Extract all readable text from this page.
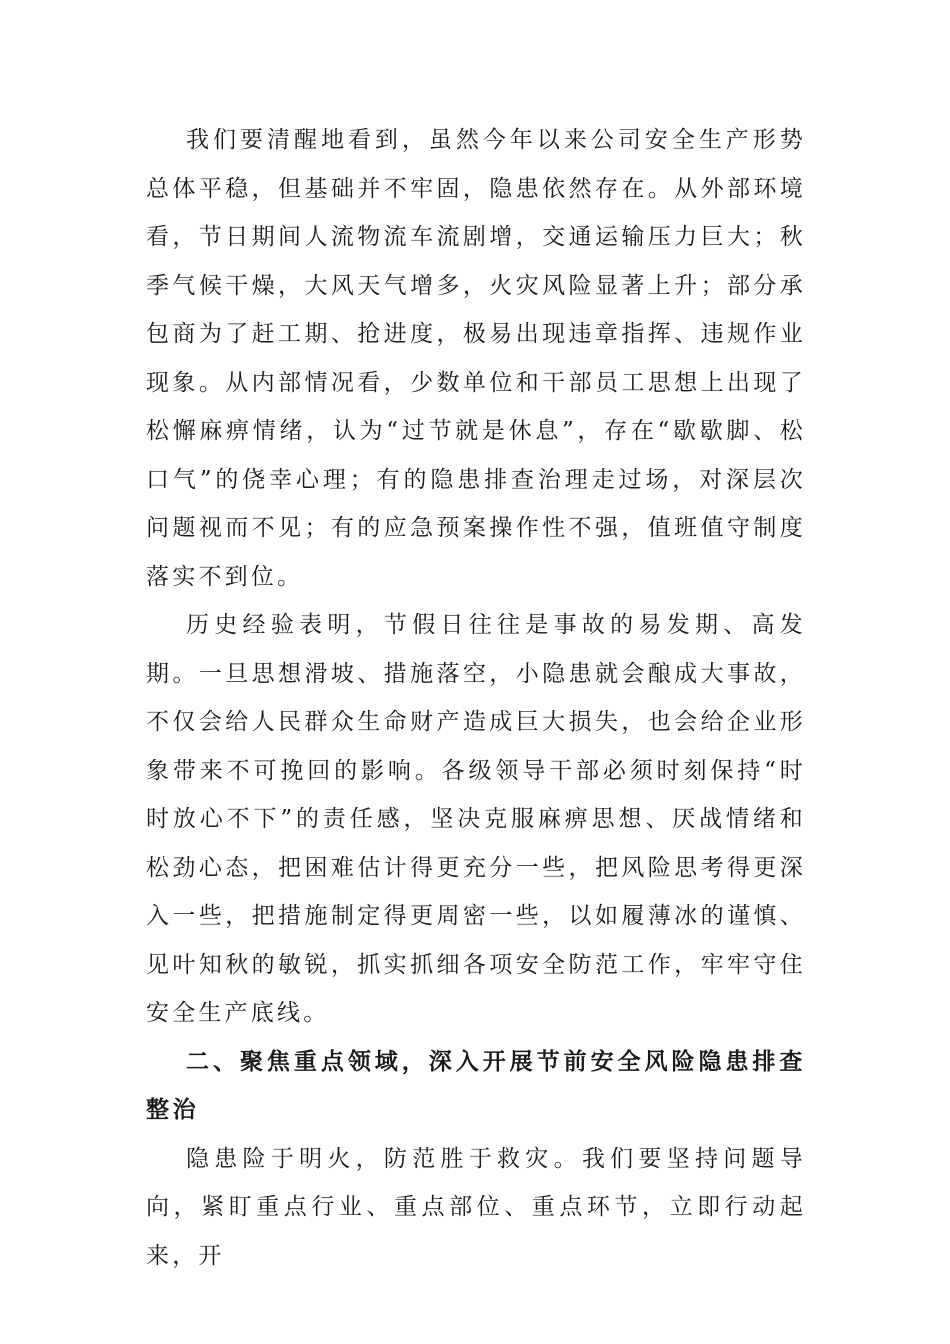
我们要清醒地看到，虽然今年以来公司安全生产形势总体平稳，但基础并不牢固，隐患依然存在。从外部环境看，节日期间人流物流车流剧增，交通运输压力巨大；秋季气候干燥，大风天气增多，火灾风险显著上升；部分承包商为了赶工期、抢进度，极易出现违章指挥、违规作业现象。从内部情况看，少数单位和干部员工思想上出现了松懈麻痹情绪，认为“过节就是休息”，存在“歇歇脚、松口气”的侥幸心理；有的隐患排查治理走过场，对深层次问题视而不见；有的应急预案操作性不强，值班值守制度落实不到位。

历史经验表明，节假日往往是事故的易发期、高发期。一旦思想滑坡、措施落空，小隐患就会酿成大事故，不仅会给人民群众生命财产造成巨大损失，也会给企业形象带来不可挽回的影响。各级领导干部必须时刻保持“时时放心不下”的责任感，坚决克服麻痹思想、厌战情绪和松劲心态，把困难估计得更充分一些，把风险思考得更深入一些，把措施制定得更周密一些，以如履薄冰的谨慎、见叶知秋的敏锐，抓实抓细各项安全防范工作，牢牢守住安全生产底线。

二、聚焦重点领域，深入开展节前安全风险隐患排查整治

隐患险于明火，防范胜于救灾。我们要坚持问题导向，紧盯重点行业、重点部位、重点环节，立即行动起来，开
